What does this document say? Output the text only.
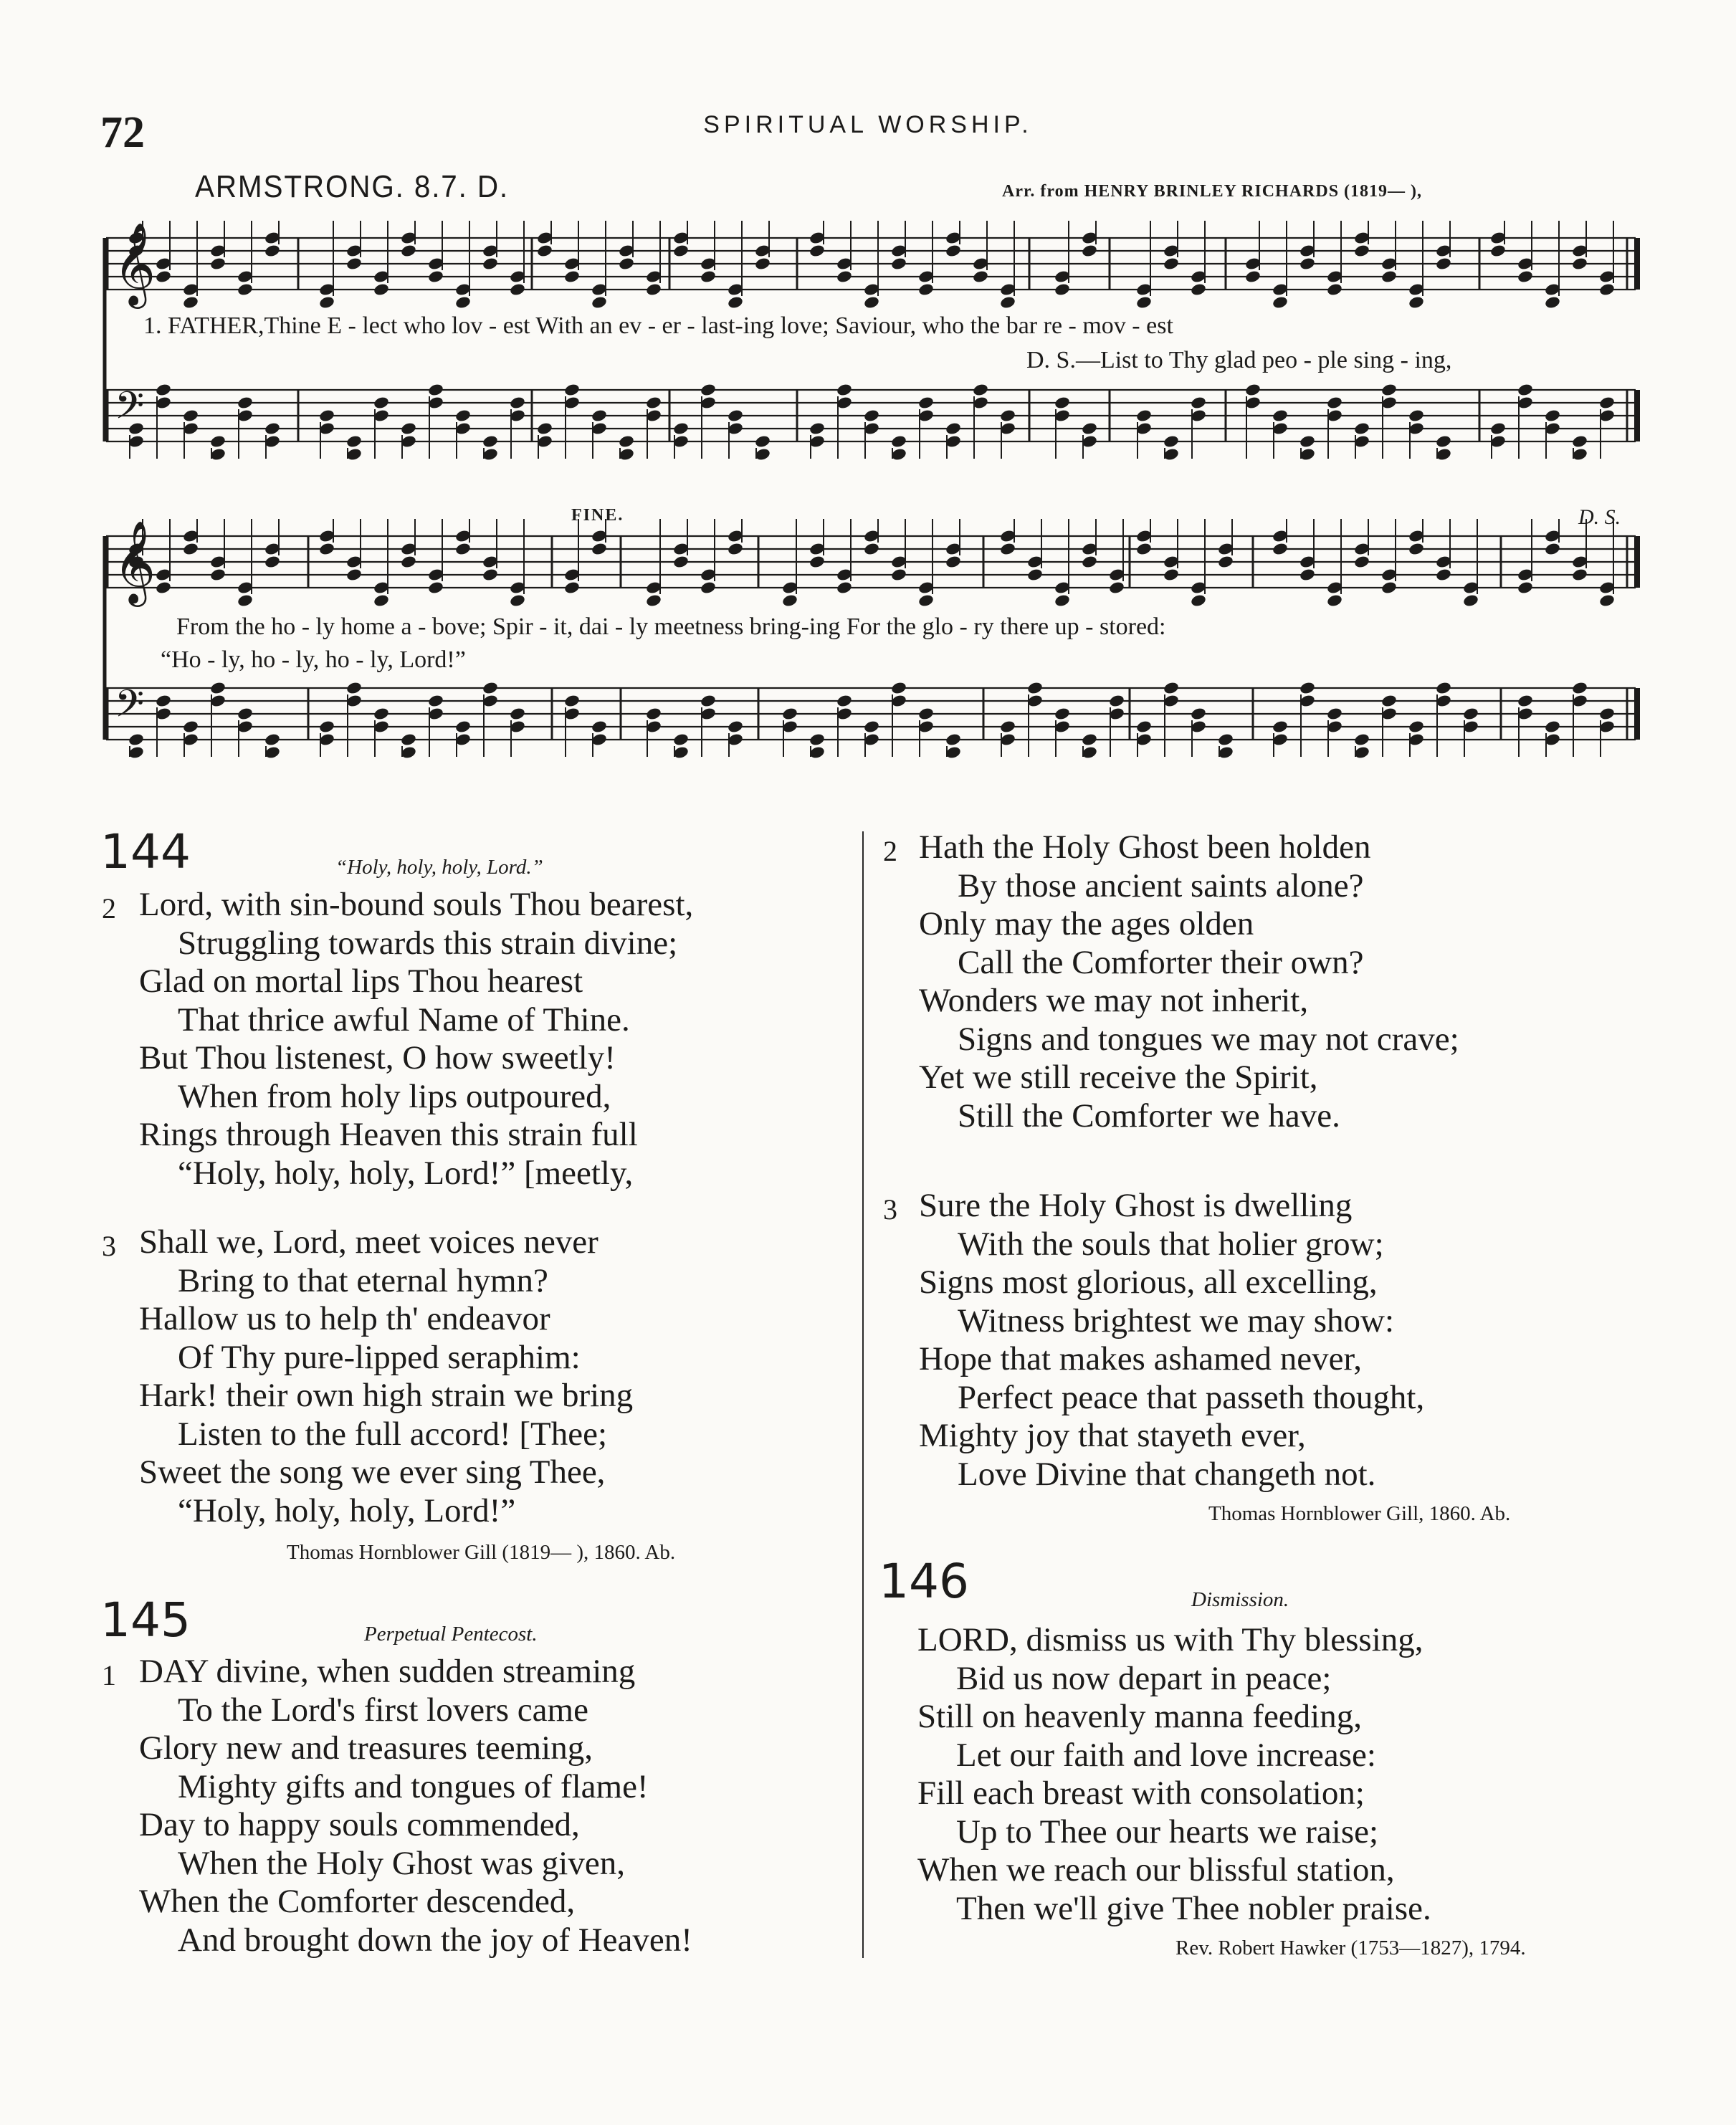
72	SPIRITUAL WORSHIP.
ARMSTRONG. 8.7. D.	Arr. from HENRY BRINLEY RICHARDS (1819— ),
𝄞
𝄞
𝄢
𝄢
FINE.	D. S.
1. FATHER,Thine E - lect who lov - est With an ev - er - last-ing love; Saviour, who the bar re - mov - est
D. S.—List to Thy glad peo - ple sing - ing,
From the ho - ly home a - bove; Spir - it, dai - ly meetness bring-ing For the glo - ry there up - stored:
“Ho - ly, ho - ly, ho - ly, Lord!”
144	“Holy, holy, holy, Lord.”
2 Lord, with sin-bound souls Thou bearest,
Struggling towards this strain divine;
Glad on mortal lips Thou hearest
That thrice awful Name of Thine.
But Thou listenest, O how sweetly!
When from holy lips outpoured,
Rings through Heaven this strain full
“Holy, holy, holy, Lord!” [meetly,
3 Shall we, Lord, meet voices never
Bring to that eternal hymn?
Hallow us to help th' endeavor
Of Thy pure-lipped seraphim:
Hark! their own high strain we bring
Listen to the full accord! [Thee;
Sweet the song we ever sing Thee,
“Holy, holy, holy, Lord!”
Thomas Hornblower Gill (1819— ), 1860. Ab.
145	Perpetual Pentecost.
1 DAY divine, when sudden streaming
To the Lord's first lovers came
Glory new and treasures teeming,
Mighty gifts and tongues of flame!
Day to happy souls commended,
When the Holy Ghost was given,
When the Comforter descended,
And brought down the joy of Heaven!
2 Hath the Holy Ghost been holden
By those ancient saints alone?
Only may the ages olden
Call the Comforter their own?
Wonders we may not inherit,
Signs and tongues we may not crave;
Yet we still receive the Spirit,
Still the Comforter we have.
3 Sure the Holy Ghost is dwelling
With the souls that holier grow;
Signs most glorious, all excelling,
Witness brightest we may show:
Hope that makes ashamed never,
Perfect peace that passeth thought,
Mighty joy that stayeth ever,
Love Divine that changeth not.
Thomas Hornblower Gill, 1860. Ab.
146	Dismission.
LORD, dismiss us with Thy blessing,
Bid us now depart in peace;
Still on heavenly manna feeding,
Let our faith and love increase:
Fill each breast with consolation;
Up to Thee our hearts we raise;
When we reach our blissful station,
Then we'll give Thee nobler praise.
Rev. Robert Hawker (1753—1827), 1794.
